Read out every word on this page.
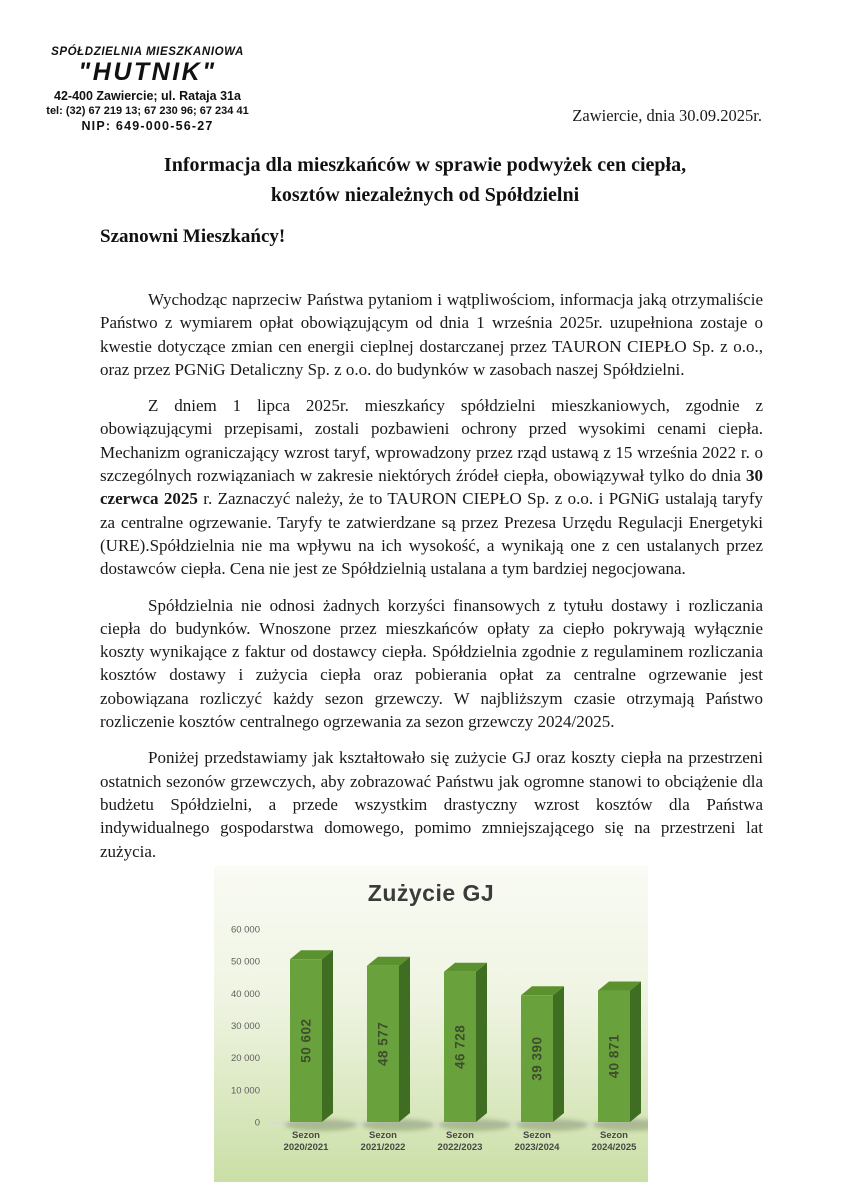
SPÓŁDZIELNIA MIESZKANIOWA
"HUTNIK"
42-400 Zawiercie; ul. Rataja 31a
tel: (32) 67 219 13; 67 230 96; 67 234 41
NIP: 649-000-56-27
Zawiercie, dnia 30.09.2025r.
Informacja dla mieszkańców w sprawie podwyżek cen ciepła,
kosztów niezależnych od Spółdzielni
Szanowni Mieszkańcy!

Wychodząc naprzeciw Państwa pytaniom i wątpliwościom, informacja jaką otrzymaliście Państwo z wymiarem opłat obowiązującym od dnia 1 września 2025r. uzupełniona zostaje o kwestie dotyczące zmian cen energii cieplnej dostarczanej przez TAURON CIEPŁO Sp. z o.o., oraz przez PGNiG Detaliczny Sp. z o.o. do budynków w zasobach naszej Spółdzielni.

Z dniem 1 lipca 2025r. mieszkańcy spółdzielni mieszkaniowych, zgodnie z obowiązującymi przepisami, zostali pozbawieni ochrony przed wysokimi cenami ciepła. Mechanizm ograniczający wzrost taryf, wprowadzony przez rząd ustawą z 15 września 2022 r. o szczególnych rozwiązaniach w zakresie niektórych źródeł ciepła, obowiązywał tylko do dnia 30 czerwca 2025 r. Zaznaczyć należy, że to TAURON CIEPŁO Sp. z o.o. i PGNiG ustalają taryfy za centralne ogrzewanie. Taryfy te zatwierdzane są przez Prezesa Urzędu Regulacji Energetyki (URE).Spółdzielnia nie ma wpływu na ich wysokość, a wynikają one z cen ustalanych przez dostawców ciepła. Cena nie jest ze Spółdzielnią ustalana a tym bardziej negocjowana.

Spółdzielnia nie odnosi żadnych korzyści finansowych z tytułu dostawy i rozliczania ciepła do budynków. Wnoszone przez mieszkańców opłaty za ciepło pokrywają wyłącznie koszty wynikające z faktur od dostawcy ciepła. Spółdzielnia zgodnie z regulaminem rozliczania kosztów dostawy i zużycia ciepła oraz pobierania opłat za centralne ogrzewanie jest zobowiązana rozliczyć każdy sezon grzewczy. W najbliższym czasie otrzymają Państwo rozliczenie kosztów centralnego ogrzewania za sezon grzewczy 2024/2025.

Poniżej przedstawiamy jak kształtowało się zużycie GJ oraz koszty ciepła na przestrzeni ostatnich sezonów grzewczych, aby zobrazować Państwu jak ogromne stanowi to obciążenie dla budżetu Spółdzielni, a przede wszystkim drastyczny wzrost kosztów dla Państwa indywidualnego gospodarstwa domowego, pomimo zmniejszającego się na przestrzeni lat zużycia.

Zużycie GJ
60 000
50 000
40 000
30 000
20 000
10 000
0
50 602
Sezon
2020/2021
48 577
Sezon
2021/2022
46 728
Sezon
2022/2023
39 390
Sezon
2023/2024
40 871
Sezon
2024/2025
